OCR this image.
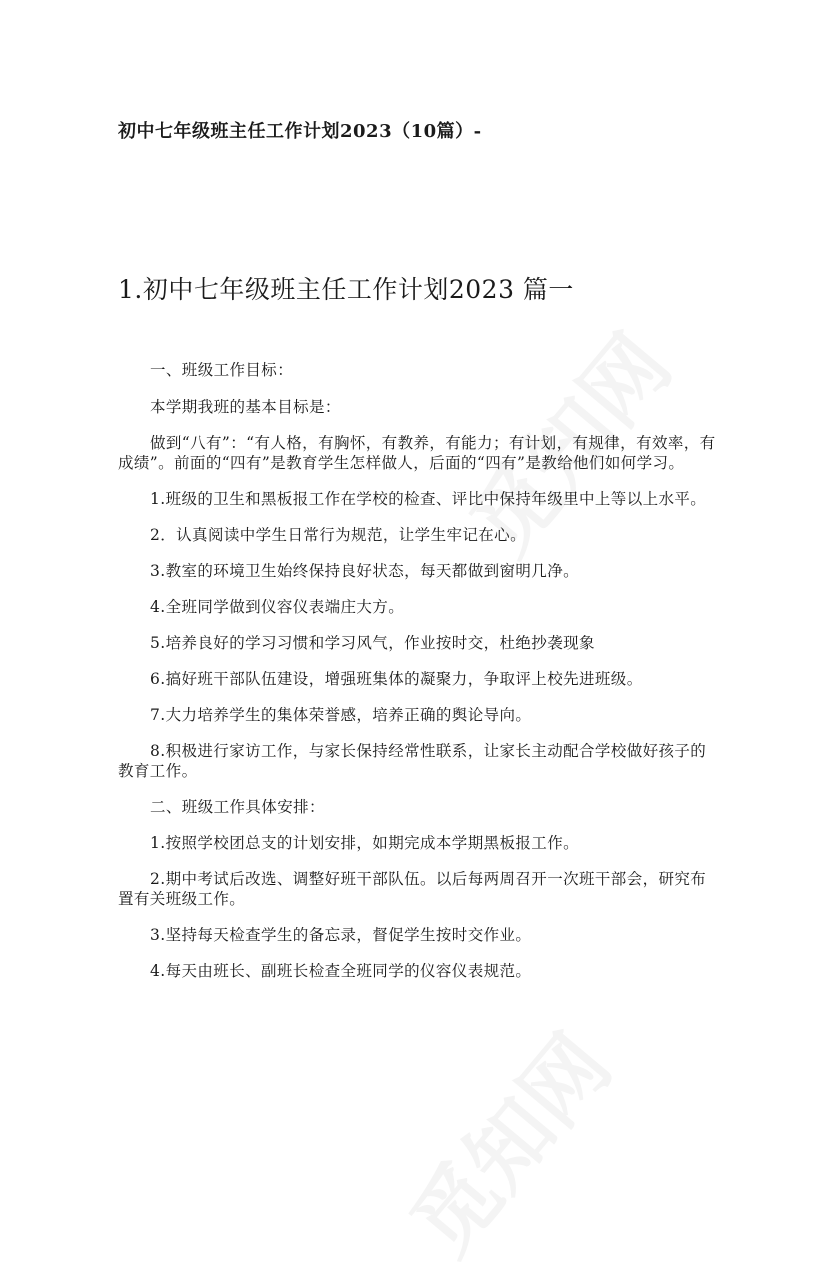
初中七年级班主任工作计划2023（10篇）-
1.初中七年级班主任工作计划2023 篇一

一、班级工作目标：

本学期我班的基本目标是：

做到“八有”：“有人格，有胸怀，有教养，有能力；有计划，有规律，有效率，有成绩”。前面的“四有”是教育学生怎样做人，后面的“四有”是教给他们如何学习。

1.班级的卫生和黑板报工作在学校的检查、评比中保持年级里中上等以上水平。

2．认真阅读中学生日常行为规范，让学生牢记在心。

3.教室的环境卫生始终保持良好状态，每天都做到窗明几净。

4.全班同学做到仪容仪表端庄大方。

5.培养良好的学习习惯和学习风气，作业按时交，杜绝抄袭现象

6.搞好班干部队伍建设，增强班集体的凝聚力，争取评上校先进班级。

7.大力培养学生的集体荣誉感，培养正确的舆论导向。

8.积极进行家访工作，与家长保持经常性联系，让家长主动配合学校做好孩子的教育工作。

二、班级工作具体安排：

1.按照学校团总支的计划安排，如期完成本学期黑板报工作。

2.期中考试后改选、调整好班干部队伍。以后每两周召开一次班干部会，研究布置有关班级工作。

3.坚持每天检查学生的备忘录，督促学生按时交作业。

4.每天由班长、副班长检查全班同学的仪容仪表规范。
